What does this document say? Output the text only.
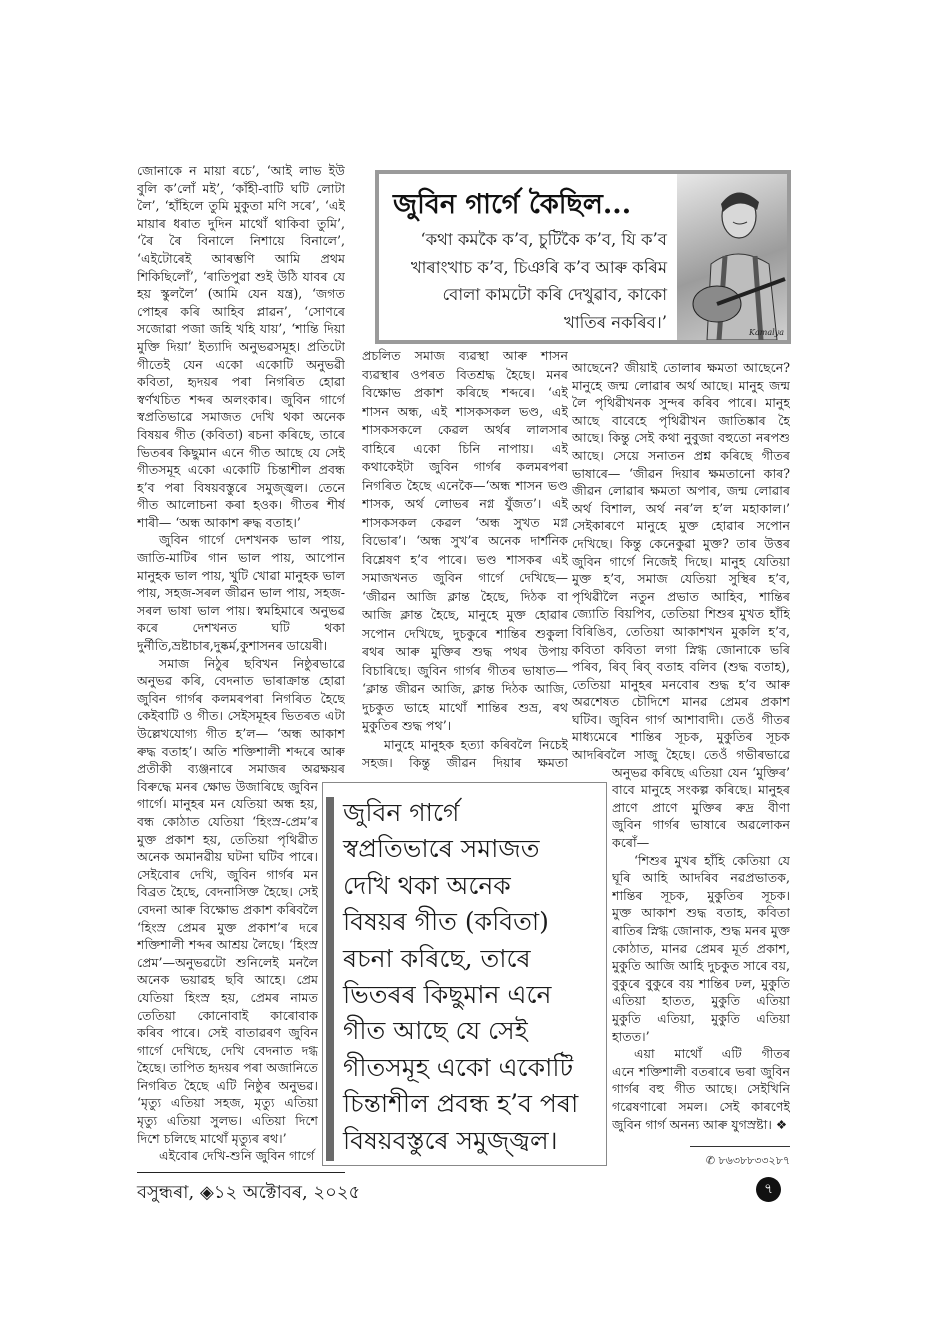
জোনাকে ন মায়া ৰচে’, ‘আই লাভ ইউ
বুলি ক’লোঁ মই’, ‘কাঁহী-বাটি ঘটি লোটা
লৈ’, ‘হাঁহিলে তুমি মুকুতা মণি সৰে’, ‘এই
মায়াৰ ধৰাত দুদিন মাথোঁ থাকিবা তুমি’,
‘ৰৈ ৰৈ বিনালে নিশায়ে বিনালে’,
‘এইটোৰেই আৰম্ভণি আমি প্ৰথম
শিকিছিলোঁ’, ‘ৰাতিপুৱা শুই উঠি যাবৰ যে
হয় স্কুললৈ’ (আমি যেন যন্ত্ৰ), ‘জগত
পোহৰ কৰি আহিব প্লাৱন’, ‘সোণৰে
সজোৱা পজা জহি খহি যায়’, ‘শান্তি দিয়া
মুক্তি দিয়া’ ইত্যাদি অনুভৱসমূহ। প্ৰতিটো
গীতেই যেন একো একোটি অনুভৱী
কবিতা, হৃদয়ৰ পৰা নিগৰিত হোৱা
স্বৰ্ণখচিত শব্দৰ অলংকাৰ। জুবিন গাৰ্গে
স্বপ্ৰতিভাৱে সমাজত দেখি থকা অনেক
বিষয়ৰ গীত (কবিতা) ৰচনা কৰিছে, তাৰে
ভিতৰৰ কিছুমান এনে গীত আছে যে সেই
গীতসমূহ একো একোটি চিন্তাশীল প্ৰবন্ধ
হ’ব পৰা বিষয়বস্তুৰে সমুজ্জ্বল। তেনে
গীত আলোচনা কৰা হওক। গীতৰ শীৰ্ষ
শাৰী— ‘অন্ধ আকাশ ৰুদ্ধ বতাহ।’
জুবিন গাৰ্গে দেশখনক ভাল পায়,
জাতি-মাটিৰ গান ভাল পায়, আপোন
মানুহক ভাল পায়, খুটি খোৱা মানুহক ভাল
পায়, সহজ-সৰল জীৱন ভাল পায়, সহজ-
সৰল ভাষা ভাল পায়। স্বমহিমাৰে অনুভৱ
কৰে দেশখনত ঘটি থকা
দুৰ্নীতি,ভ্ৰষ্টাচাৰ,দুষ্কৰ্ম,কুশাসনৰ ডায়েৰী।
সমাজ নিঠুৰ ছবিখন নিষ্ঠুৰভাৱে
অনুভৱ কৰি, বেদনাত ভাৰাক্ৰান্ত হোৱা
জুবিন গাৰ্গৰ কলমৰপৰা নিগৰিত হৈছে
কেইবাটি ও গীত। সেইসমূহৰ ভিতৰত এটা
উল্লেখযোগ্য গীত হ’ল— ‘অন্ধ আকাশ
ৰুদ্ধ বতাহ’। অতি শক্তিশালী শব্দৰে আৰু
প্ৰতীকী ব্যঞ্জনাৰে সমাজৰ অৱক্ষয়ৰ
বিৰুদ্ধে মনৰ ক্ষোভ উজাৰিছে জুবিন
গাৰ্গে। মানুহৰ মন যেতিয়া অন্ধ হয়,
বন্ধ কোঠাত যেতিয়া ‘হিংস্ৰ-প্ৰেম’ৰ
মুক্ত প্ৰকাশ হয়, তেতিয়া পৃথিৱীত
অনেক অমানৱীয় ঘটনা ঘটিব পাৰে।
সেইবোৰ দেখি, জুবিন গাৰ্গৰ মন
বিব্ৰত হৈছে, বেদনাসিক্ত হৈছে। সেই
বেদনা আৰু বিক্ষোভ প্ৰকাশ কৰিবলৈ
‘হিংস্ৰ প্ৰেমৰ মুক্ত প্ৰকাশ’ৰ দৰে
শক্তিশালী শব্দৰ আশ্ৰয় লৈছে। ‘হিংস্ৰ
প্ৰেম’—অনুভৱটো শুনিলেই মনলৈ
অনেক ভয়াৱহ ছবি আহে। প্ৰেম
যেতিয়া হিংস্ৰ হয়, প্ৰেমৰ নামত
তেতিয়া কোনোবাই কাৰোবাক
কৰিব পাৰে। সেই বাতাৱৰণ জুবিন
গাৰ্গে দেখিছে, দেখি বেদনাত দগ্ধ
হৈছে। তাপিত হৃদয়ৰ পৰা অজানিতে
নিগৰিত হৈছে এটি নিষ্ঠুৰ অনুভৱ।
‘মৃত্যু এতিয়া সহজ, মৃত্যু এতিয়া
মৃত্যু এতিয়া সুলভ। এতিয়া দিশে
দিশে চলিছে মাথোঁ মৃত্যুৰ ৰথ।’
এইবোৰ দেখি-শুনি জুবিন গাৰ্গে
প্ৰচলিত সমাজ ব্যৱস্থা আৰু শাসন
ব্যৱস্থাৰ ওপৰত বিতশ্ৰদ্ধ হৈছে। মনৰ
বিক্ষোভ প্ৰকাশ কৰিছে শব্দৰে। ‘এই
শাসন অন্ধ, এই শাসকসকল ভণ্ড, এই
শাসকসকলে কেৱল অৰ্থৰ লালসাৰ
বাহিৰে একো চিনি নাপায়। এই
কথাকেইটা জুবিন গাৰ্গৰ কলমৰপৰা
নিগৰিত হৈছে এনেকৈ—‘অন্ধ শাসন ভণ্ড
শাসক, অৰ্থ লোভৰ নগ্ন যুঁজত’। এই
শাসকসকল কেৱল ‘অন্ধ সুখত মগ্ন
বিভোৰ’। ‘অন্ধ সুখ’ৰ অনেক দাৰ্শনিক
বিশ্লেষণ হ’ব পাৰে। ভণ্ড শাসকৰ এই
সমাজখনত জুবিন গাৰ্গে দেখিছে—
‘জীৱন আজি ক্লান্ত হৈছে, দিঠক বা
আজি ক্লান্ত হৈছে, মানুহে মুক্ত হোৱাৰ
সপোন দেখিছে, দুচকুৰে শান্তিৰ শুকুলা
ৰথৰ আৰু মুক্তিৰ শুদ্ধ পথৰ উপায়
বিচাৰিছে। জুবিন গাৰ্গৰ গীতৰ ভাষাত—
‘ক্লান্ত জীৱন আজি, ক্লান্ত দিঠক আজি,
দুচকুত ভাহে মাথোঁ শান্তিৰ শুভ্ৰ, ৰথ
মুকুতিৰ শুদ্ধ পথ’।
মানুহে মানুহক হত্যা কৰিবলৈ নিচেই
সহজ। কিন্তু জীৱন দিয়াৰ ক্ষমতা
আছেনে? জীয়াই তোলাৰ ক্ষমতা আছেনে?
মানুহে জন্ম লোৱাৰ অৰ্থ আছে। মানুহ জন্ম
লৈ পৃথিৱীখনক সুন্দৰ কৰিব পাৰে। মানুহ
আছে বাবেহে পৃথিৱীখন জাতিষ্কাৰ হৈ
আছে। কিন্তু সেই কথা নুবুজা বহুতো নৰপশু
আছে। সেয়ে সনাতন প্ৰশ্ন কৰিছে গীতৰ
ভাষাৰে— ‘জীৱন দিয়াৰ ক্ষমতানো কাৰ?
জীৱন লোৱাৰ ক্ষমতা অপাৰ, জন্ম লোৱাৰ
অৰ্থ বিশাল, অৰ্থ নৰ’ল হ’ল মহাকাল।’
সেইকাৰণে মানুহে মুক্ত হোৱাৰ সপোন
দেখিছে। কিন্তু কেনেকুৱা মুক্ত? তাৰ উত্তৰ
জুবিন গাৰ্গে নিজেই দিছে। মানুহ যেতিয়া
মুক্ত হ’ব, সমাজ যেতিয়া সুস্থিৰ হ’ব,
পৃথিৱীলৈ নতুন প্ৰভাত আহিব, শান্তিৰ
জ্যোতি বিয়পিব, তেতিয়া শিশুৰ মুখত হাঁহি
বিৰিঙিব, তেতিয়া আকাশখন মুকলি হ’ব,
কবিতা কবিতা লগা স্নিগ্ধ জোনাকে ভৰি
পৰিব, ৰিব্ ৰিব্ বতাহ বলিব (শুদ্ধ বতাহ),
তেতিয়া মানুহৰ মনবোৰ শুদ্ধ হ’ব আৰু
অৱশেষত চৌদিশে মানৱ প্ৰেমৰ প্ৰকাশ
ঘটিব। জুবিন গাৰ্গ আশাবাদী। তেওঁ গীতৰ
মাধ্যমেৰে শান্তিৰ সূচক, মুকুতিৰ সূচক
আদৰিবলৈ সাজু হৈছে। তেওঁ গভীৰভাৱে
অনুভৱ কৰিছে এতিয়া যেন ‘মুক্তিৰ’
বাবে মানুহে সংকল্প কৰিছে। মানুহৰ
প্ৰাণে প্ৰাণে মুক্তিৰ ৰুদ্ৰ বীণা
জুবিন গাৰ্গৰ ভাষাৰে অৱলোকন
কৰোঁ—
‘শিশুৰ মুখৰ হাঁহি কেতিয়া যে
ঘূৰি আহি আদৰিব নৱপ্ৰভাতক,
শান্তিৰ সূচক, মুকুতিৰ সূচক।
মুক্ত আকাশ শুদ্ধ বতাহ, কবিতা
ৰাতিৰ স্নিগ্ধ জোনাক, শুদ্ধ মনৰ মুক্ত
কোঠাত, মানৱ প্ৰেমৰ মূৰ্ত প্ৰকাশ,
মুকুতি আজি আহি দুচকুত সাৰে বয়,
বুকুৰে বুকুৰে বয় শান্তিৰ ঢল, মুকুতি
এতিয়া হাতত, মুকুতি এতিয়া
মুকুতি এতিয়া, মুকুতি এতিয়া
হাতত।’
এয়া মাথোঁ এটি গীতৰ
এনে শক্তিশালী বতৰাৰে ভৰা জুবিন
গাৰ্গৰ বহু গীত আছে। সেইখিনি
গৱেষণাৰো সমল। সেই কাৰণেই
জুবিন গাৰ্গ অনন্য আৰু যুগস্ৰষ্টা। ❖
জুবিন গাৰ্গে কৈছিল...
‘কথা কমকৈ ক’ব, চুটিকৈ ক’ব, যি ক’ব
খাৰাংখাচ ক’ব, চিঞৰি ক’ব আৰু কৰিম
বোলা কামটো কৰি দেখুৱাব, কাকো
খাতিৰ নকৰিব।’
Kamalya
জুবিন গাৰ্গে
স্বপ্ৰতিভাৰে সমাজত
দেখি থকা অনেক
বিষয়ৰ গীত (কবিতা)
ৰচনা কৰিছে, তাৰে
ভিতৰৰ কিছুমান এনে
গীত আছে যে সেই
গীতসমূহ একো একোটি
চিন্তাশীল প্ৰবন্ধ হ’ব পৰা
বিষয়বস্তুৰে সমুজ্জ্বল।
✆ ৮৬৩৮৮৩৩২৮৭
বসুন্ধৰা, ◈১২ অক্টোবৰ, ২০২৫	৭
